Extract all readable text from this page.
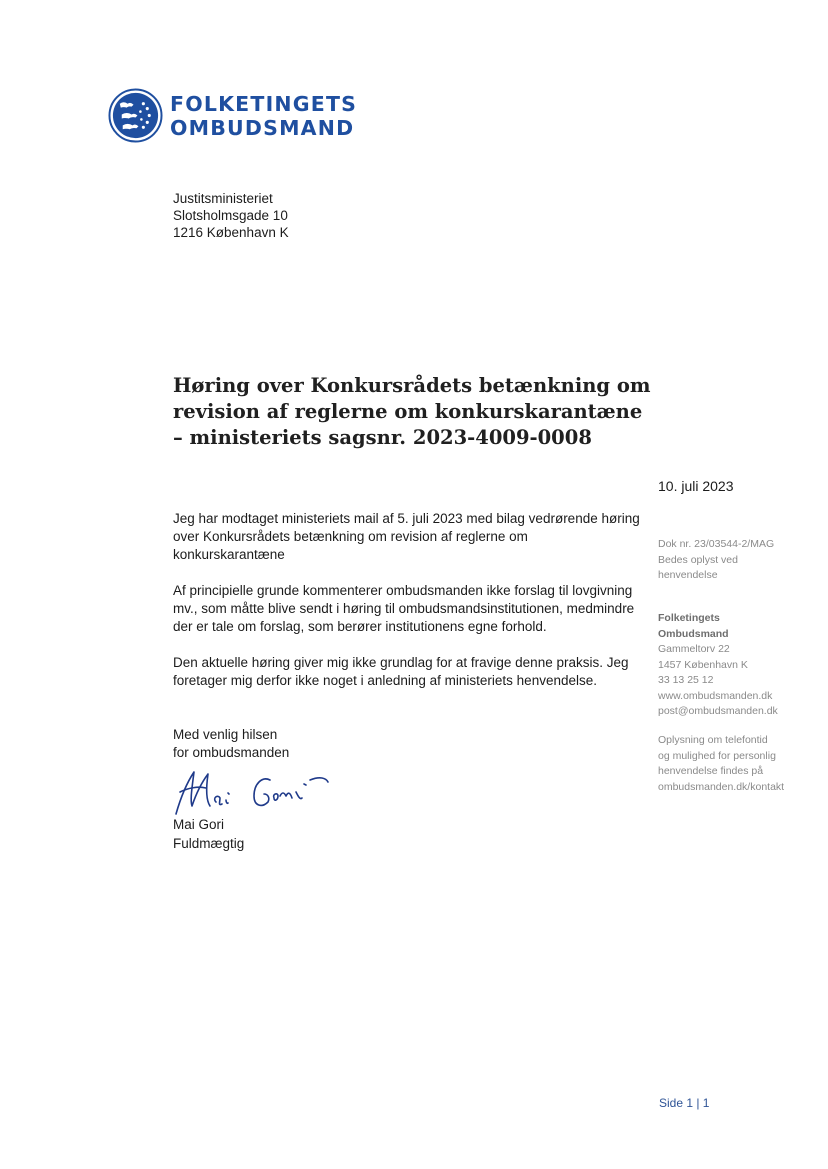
FOLKETINGETS
OMBUDSMAND
Justitsministeriet
Slotsholmsgade 10
1216 København K
Høring over Konkursrådets betænkning om
revision af reglerne om konkurskarantæne
– ministeriets sagsnr. 2023-4009-0008
10. juli 2023

Jeg har modtaget ministeriets mail af 5. juli 2023 med bilag vedrørende høring over Konkursrådets betænkning om revision af reglerne om konkurskarantæne

Af principielle grunde kommenterer ombudsmanden ikke forslag til lovgivning mv., som måtte blive sendt i høring til ombudsmandsinstitutionen, medmindre der er tale om forslag, som berører institutionens egne forhold.

Den aktuelle høring giver mig ikke grundlag for at fravige denne praksis. Jeg foretager mig derfor ikke noget i anledning af ministeriets henvendelse.

Med venlig hilsen
for ombudsmanden
Mai Gori
Fuldmægtig
Dok nr. 23/03544-2/MAG
Bedes oplyst ved
henvendelse
Folketingets
Ombudsmand
Gammeltorv 22
1457 København K
33 13 25 12
www.ombudsmanden.dk
post@ombudsmanden.dk
Oplysning om telefontid
og mulighed for personlig
henvendelse findes på
ombudsmanden.dk/kontakt
Side 1 | 1
